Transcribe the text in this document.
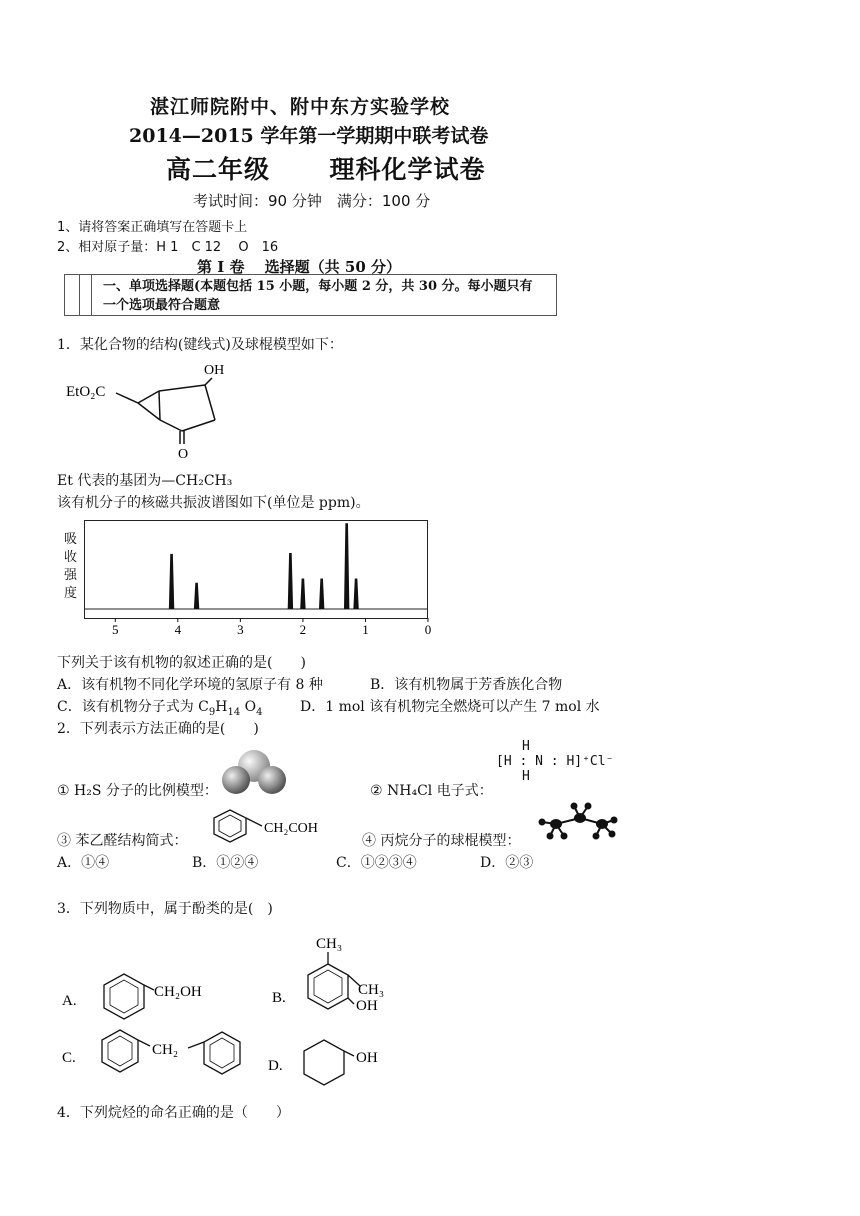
湛江师院附中、附中东方实验学校
2014—2015 学年第一学期期中联考试卷
高二年级 理科化学试卷
考试时间：90 分钟　满分：100 分
1、请将答案正确填写在答题卡上
2、相对原子量：H 1　C 12　 O　16
第 I 卷　 选择题（共 50 分）
一、单项选择题(本题包括 15 小题，每小题 2 分，共 30 分。每小题只有
一个选项最符合题意
1．某化合物的结构(键线式)及球棍模型如下：
EtO₂C
OH
O
Et 代表的基团为—CH₂CH₃
该有机分子的核磁共振波谱图如下(单位是 ppm)。
吸
收
强
度
5	4	3	2	1	0
下列关于该有机物的叙述正确的是(　　)
A．该有机物不同化学环境的氢原子有 8 种	B．该有机物属于芳香族化合物
C．该有机物分子式为 $C_9H_{14}$ $O_4$	D．1 mol 该有机物完全燃烧可以产生 7 mol 水
2．下列表示方法正确的是(　　)
① H₂S 分子的比例模型：	② NH₄Cl 电子式：
H
[H : N : H]⁺Cl⁻
H
③ 苯乙醛结构简式：
CH₂COH
④ 丙烷分子的球棍模型：
A．①④	B．①②④	C．①②③④	D．②③
3．下列物质中，属于酚类的是(　)
A.	B.
C.	D.
CH₂OH
CH₃
CH₃
OH
CH₂	OH
4．下列烷烃的命名正确的是（　　）
